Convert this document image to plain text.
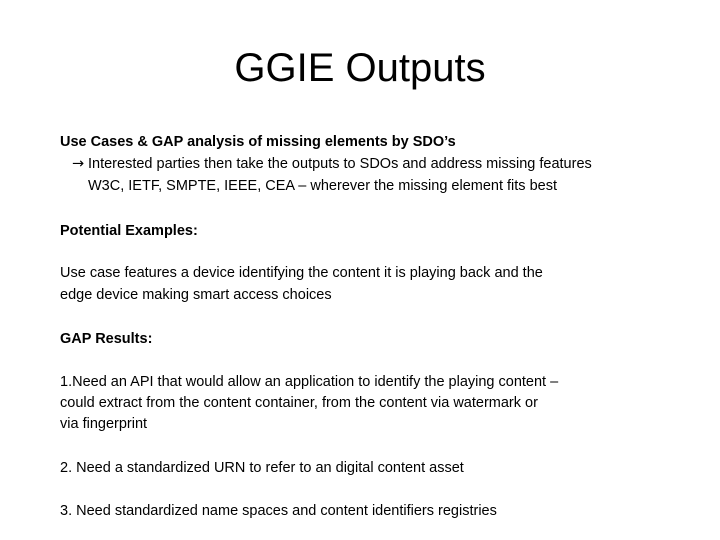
GGIE Outputs
Use Cases & GAP analysis of missing elements by SDO’s
→ Interested parties then take the outputs to SDOs and address missing features
W3C, IETF, SMPTE, IEEE, CEA – wherever the missing element fits best
Potential Examples:
Use case features a device identifying the content it is playing back and the
edge device making smart access choices
GAP Results:
1.Need an API that would allow an application to identify the playing content –
could extract from the content container, from the content via watermark or
via fingerprint
2. Need a standardized URN to refer to an digital content asset
3. Need standardized name spaces and content identifiers registries
